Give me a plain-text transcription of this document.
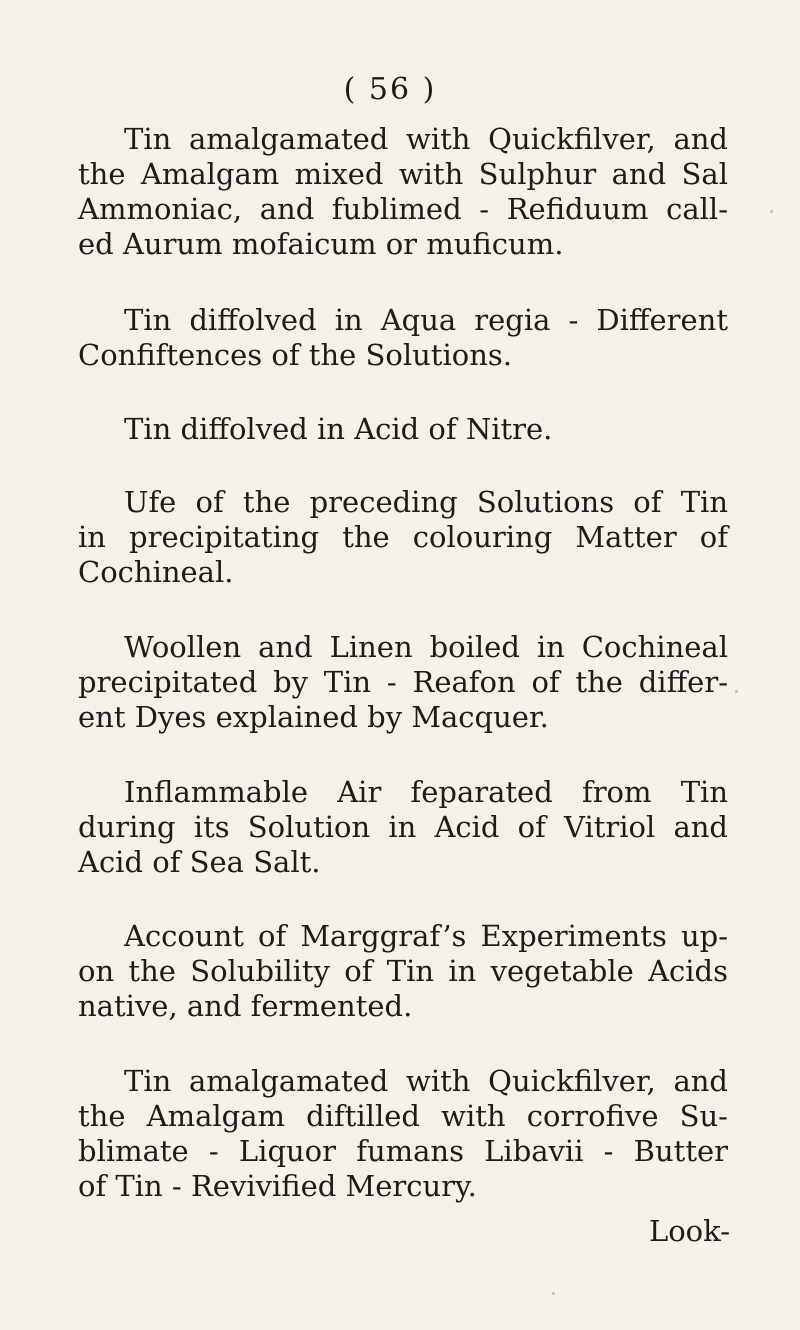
( 56 )
Tin amalgamated with Quickfilver, and
the Amalgam mixed with Sulphur and Sal
Ammoniac, and fublimed - Refiduum call-
ed Aurum mofaicum or muficum.
Tin diffolved in Aqua regia - Different
Confiftences of the Solutions.
Tin diffolved in Acid of Nitre.
Ufe of the preceding Solutions of Tin
in precipitating the colouring Matter of
Cochineal.
Woollen and Linen boiled in Cochineal
precipitated by Tin - Reafon of the differ-
ent Dyes explained by Macquer.
Inflammable Air feparated from Tin
during its Solution in Acid of Vitriol and
Acid of Sea Salt.
Account of Marggraf’s Experiments up-
on the Solubility of Tin in vegetable Acids
native, and fermented.
Tin amalgamated with Quickfilver, and
the Amalgam diftilled with corrofive Su-
blimate - Liquor fumans Libavii - Butter
of Tin - Revivified Mercury.
Look-
